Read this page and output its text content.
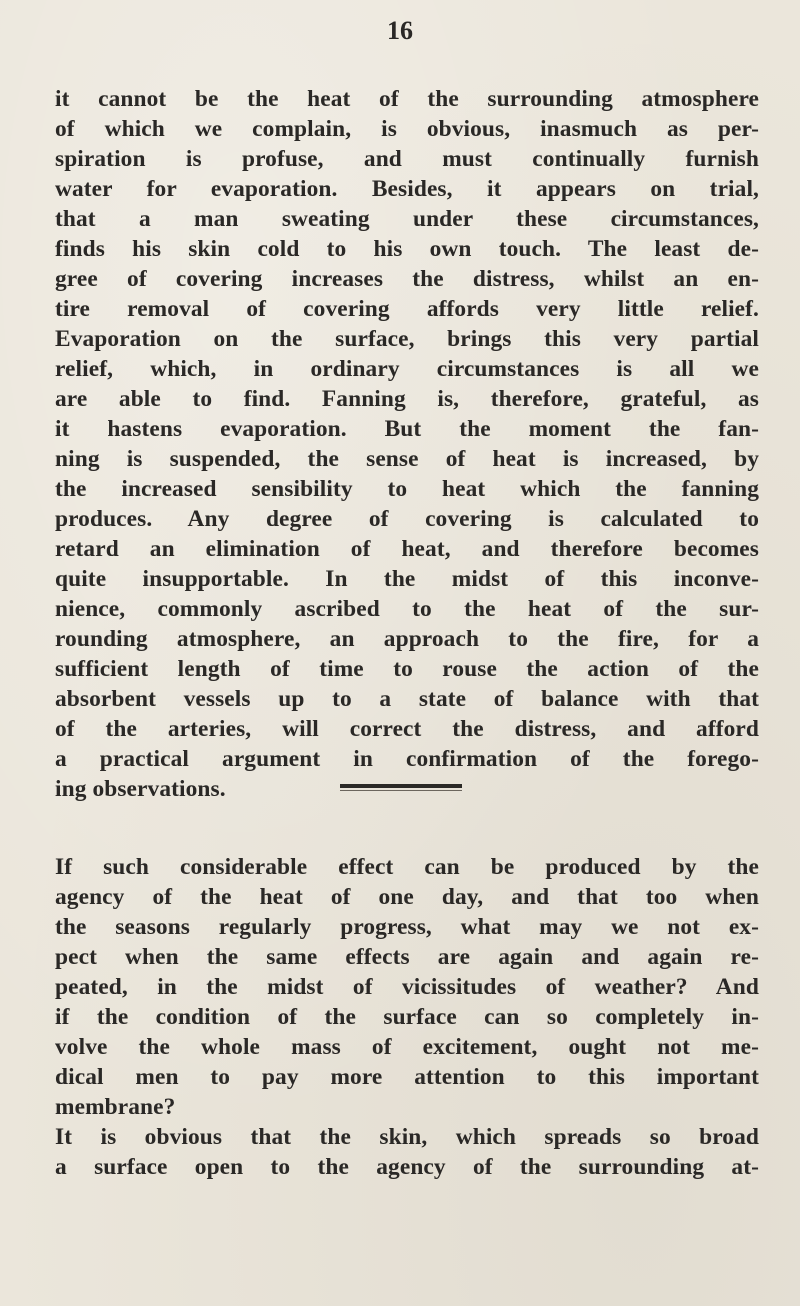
16
it cannot be the heat of the surrounding atmosphere
of which we complain, is obvious, inasmuch as per-
spiration is profuse, and must continually furnish
water for evaporation. Besides, it appears on trial,
that a man sweating under these circumstances,
finds his skin cold to his own touch. The least de-
gree of covering increases the distress, whilst an en-
tire removal of covering affords very little relief.
Evaporation on the surface, brings this very partial
relief, which, in ordinary circumstances is all we
are able to find. Fanning is, therefore, grateful, as
it hastens evaporation. But the moment the fan-
ning is suspended, the sense of heat is increased, by
the increased sensibility to heat which the fanning
produces. Any degree of covering is calculated to
retard an elimination of heat, and therefore becomes
quite insupportable. In the midst of this inconve-
nience, commonly ascribed to the heat of the sur-
rounding atmosphere, an approach to the fire, for a
sufficient length of time to rouse the action of the
absorbent vessels up to a state of balance with that
of the arteries, will correct the distress, and afford
a practical argument in confirmation of the forego-
ing observations.
If such considerable effect can be produced by the
agency of the heat of one day, and that too when
the seasons regularly progress, what may we not ex-
pect when the same effects are again and again re-
peated, in the midst of vicissitudes of weather? And
if the condition of the surface can so completely in-
volve the whole mass of excitement, ought not me-
dical men to pay more attention to this important
membrane?
It is obvious that the skin, which spreads so broad
a surface open to the agency of the surrounding at-
